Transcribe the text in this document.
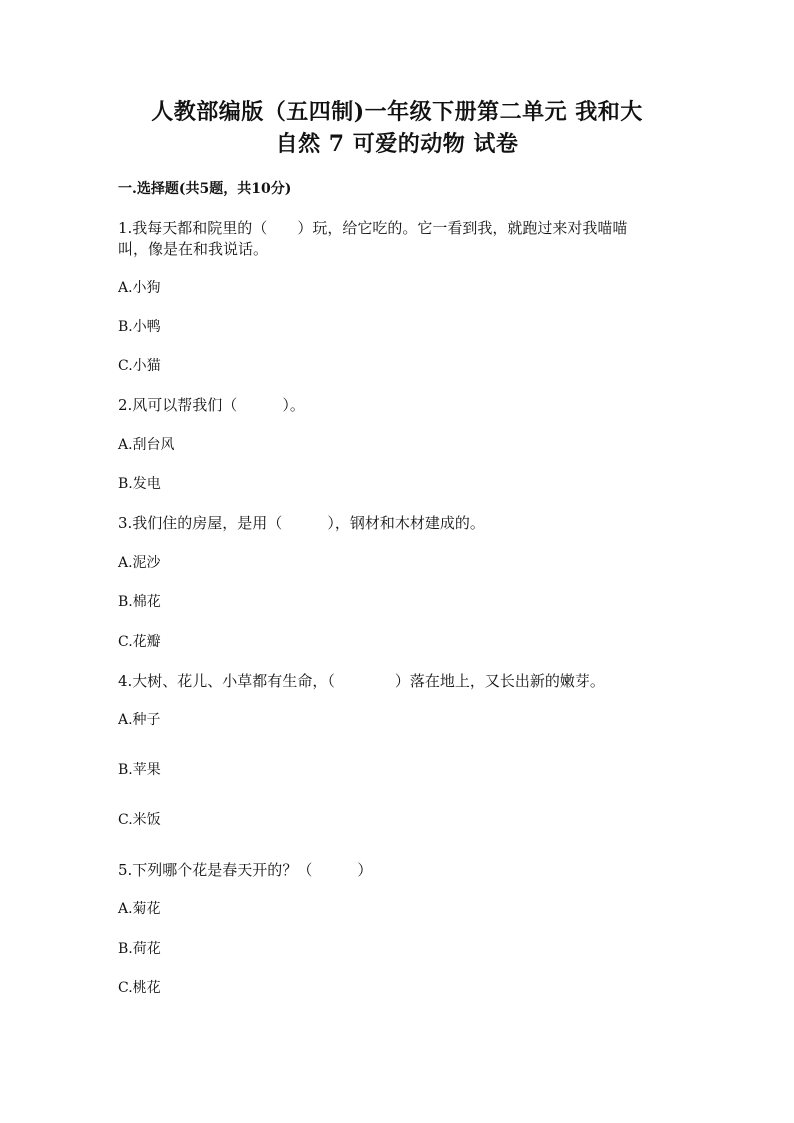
人教部编版（五四制)一年级下册第二单元 我和大
自然 7 可爱的动物 试卷
一.选择题(共5题，共10分)
1.我每天都和院里的（　　）玩，给它吃的。它一看到我，就跑过来对我喵喵
叫，像是在和我说话。
A.小狗
B.小鸭
C.小猫
2.风可以帮我们（　　　）。
A.刮台风
B.发电
3.我们住的房屋，是用（　　　），钢材和木材建成的。
A.泥沙
B.棉花
C.花瓣
4.大树、花儿、小草都有生命，（　　　　）落在地上，又长出新的嫩芽。
A.种子
B.苹果
C.米饭
5.下列哪个花是春天开的？（　　　）
A.菊花
B.荷花
C.桃花
